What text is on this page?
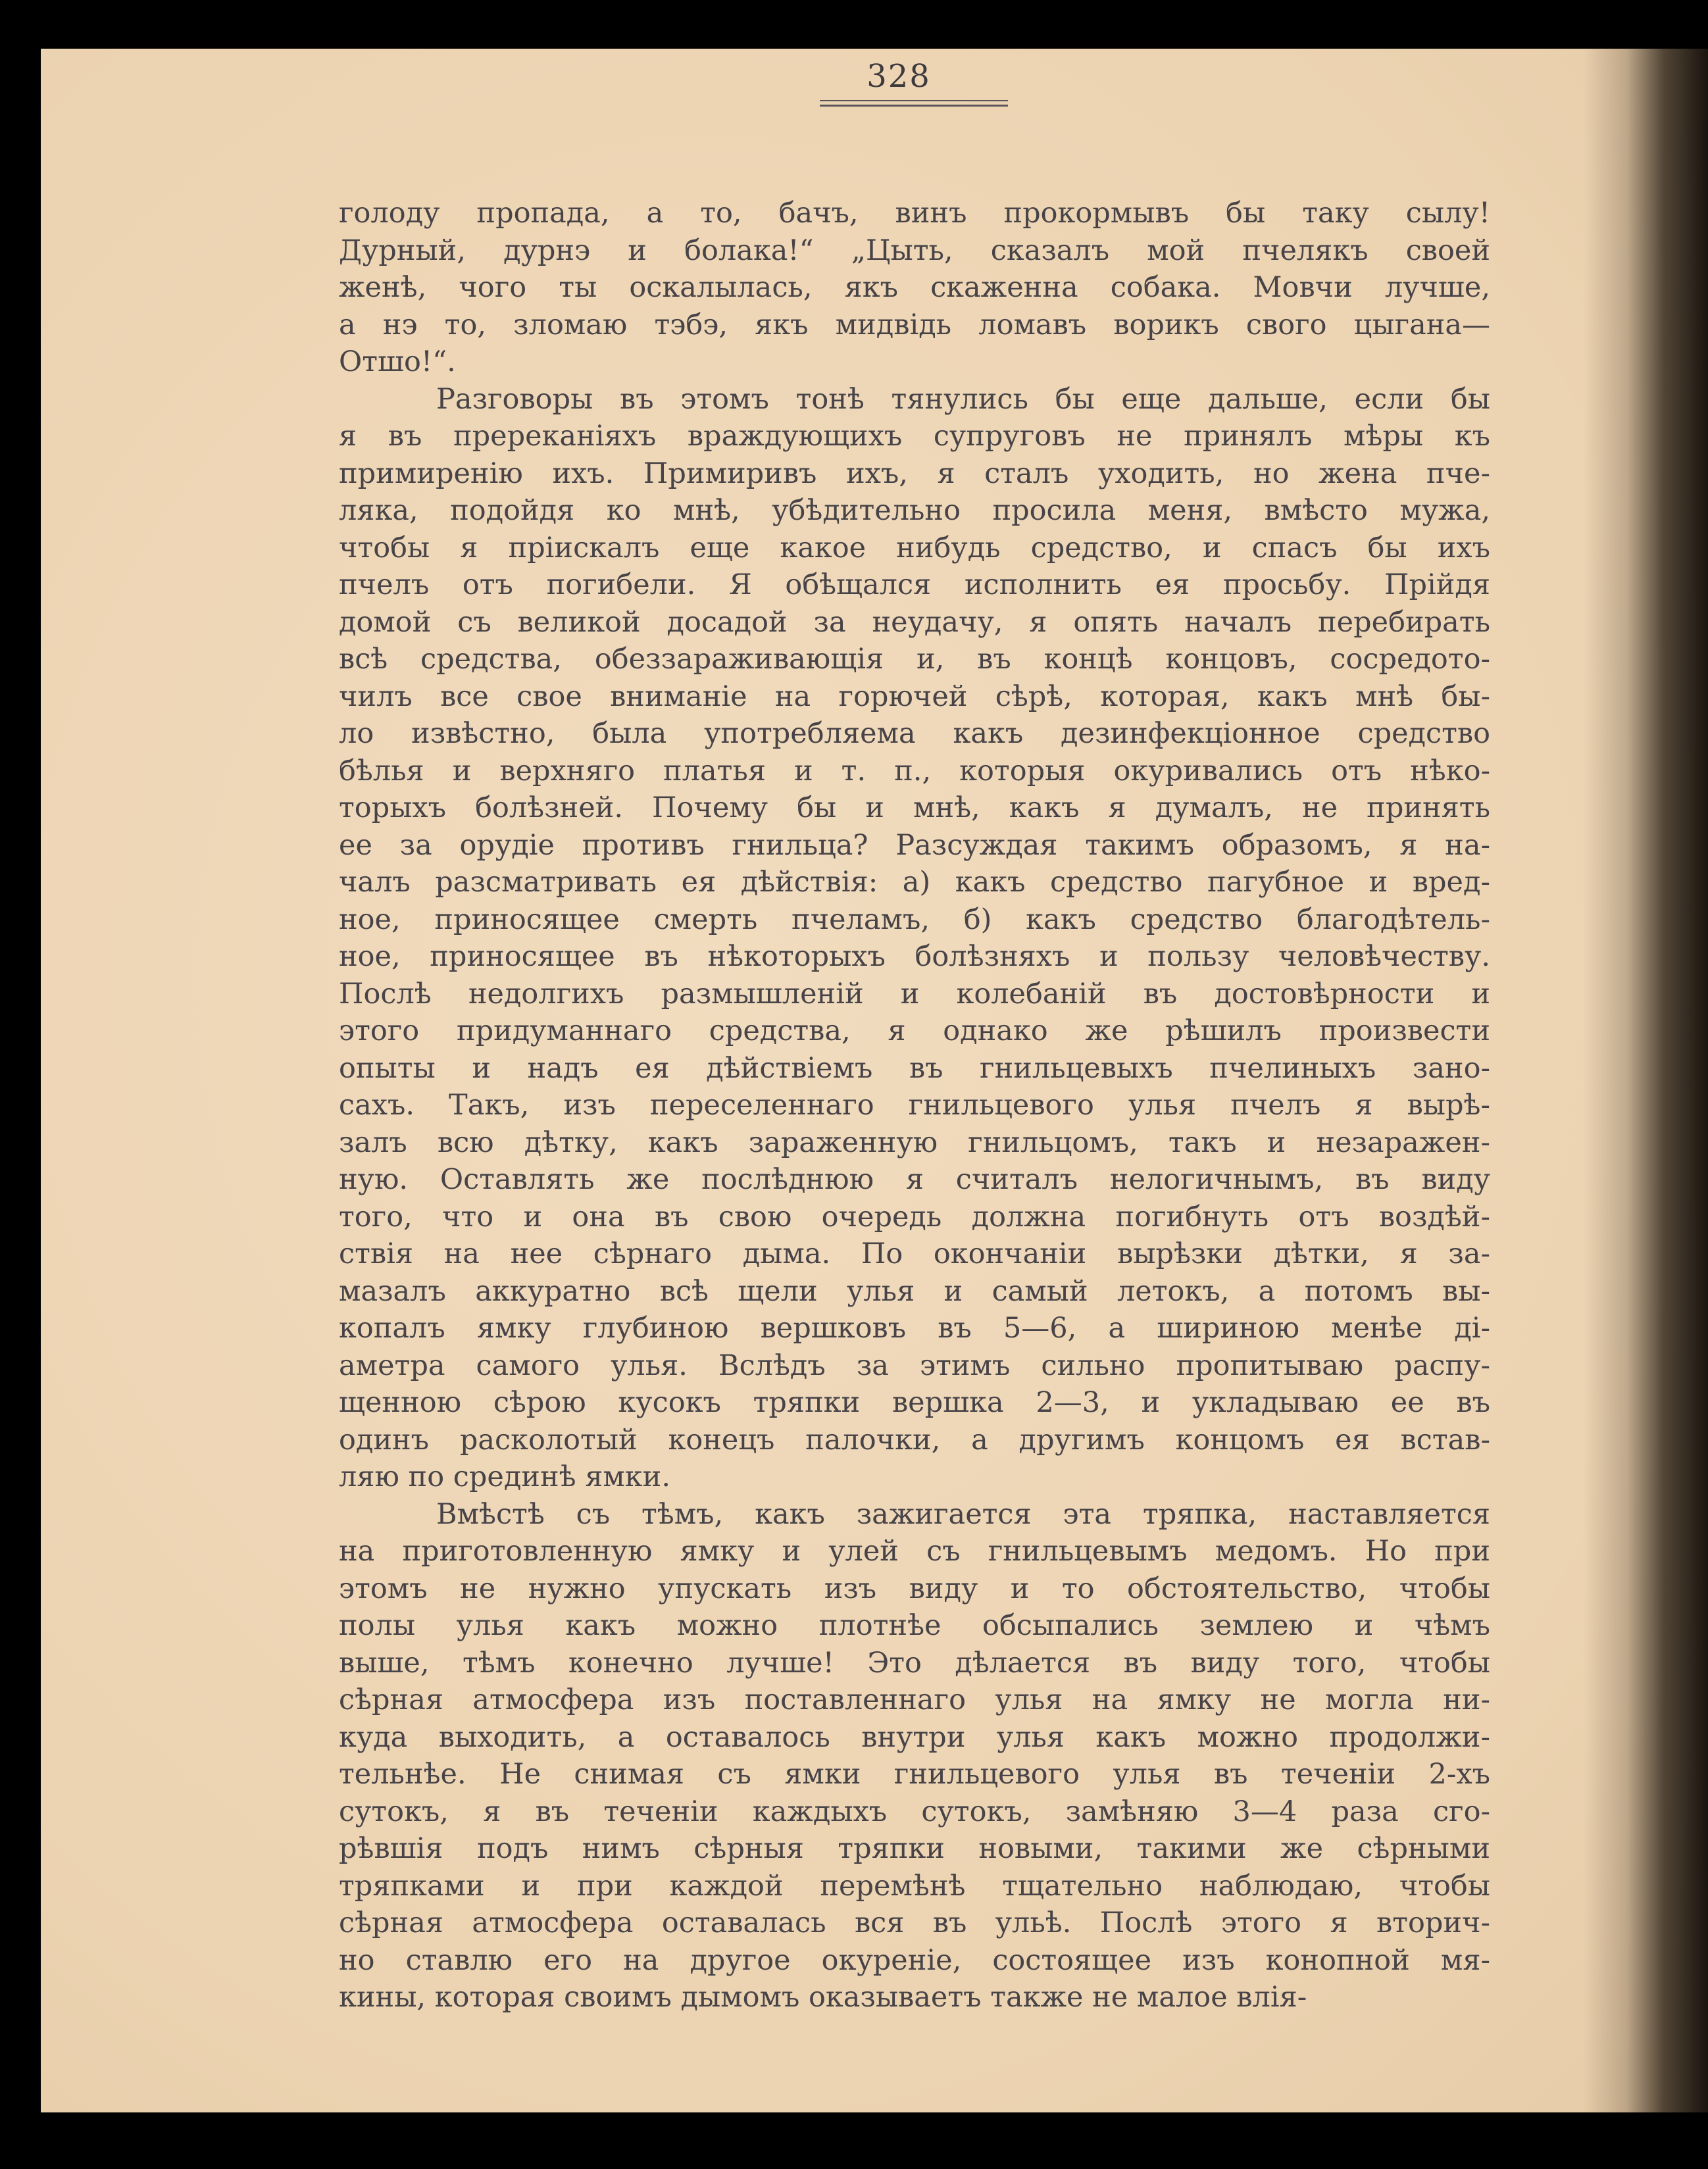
328
голоду пропада, а то, бачъ, винъ прокормывъ бы таку сылу!
Дурный, дурнэ и болака!“ „Цыть, сказалъ мой пчелякъ своей
женѣ, чого ты оскалылась, якъ скаженна собака. Мовчи лучше,
а нэ то, зломаю тэбэ, якъ мидвідь ломавъ ворикъ свого цыгана—
Отшо!“.
Разговоры въ этомъ тонѣ тянулись бы еще дальше, если бы
я въ пререканіяхъ враждующихъ супруговъ не принялъ мѣры къ
примиренію ихъ. Примиривъ ихъ, я сталъ уходить, но жена пче-
ляка, подойдя ко мнѣ, убѣдительно просила меня, вмѣсто мужа,
чтобы я пріискалъ еще какое нибудь средство, и спасъ бы ихъ
пчелъ отъ погибели. Я обѣщался исполнить ея просьбу. Прійдя
домой съ великой досадой за неудачу, я опять началъ перебирать
всѣ средства, обеззараживающія и, въ концѣ концовъ, сосредото-
чилъ все свое вниманіе на горючей сѣрѣ, которая, какъ мнѣ бы-
ло извѣстно, была употребляема какъ дезинфекціонное средство
бѣлья и верхняго платья и т. п., которыя окуривались отъ нѣко-
торыхъ болѣзней. Почему бы и мнѣ, какъ я думалъ, не принять
ее за орудіе противъ гнильца? Разсуждая такимъ образомъ, я на-
чалъ разсматривать ея дѣйствія: а) какъ средство пагубное и вред-
ное, приносящее смерть пчеламъ, б) какъ средство благодѣтель-
ное, приносящее въ нѣкоторыхъ болѣзняхъ и пользу человѣчеству.
Послѣ недолгихъ размышленій и колебаній въ достовѣрности и
этого придуманнаго средства, я однако же рѣшилъ произвести
опыты и надъ ея дѣйствіемъ въ гнильцевыхъ пчелиныхъ зано-
сахъ. Такъ, изъ переселеннаго гнильцевого улья пчелъ я вырѣ-
залъ всю дѣтку, какъ зараженную гнильцомъ, такъ и незаражен-
ную. Оставлять же послѣднюю я считалъ нелогичнымъ, въ виду
того, что и она въ свою очередь должна погибнуть отъ воздѣй-
ствія на нее сѣрнаго дыма. По окончаніи вырѣзки дѣтки, я за-
мазалъ аккуратно всѣ щели улья и самый летокъ, а потомъ вы-
копалъ ямку глубиною вершковъ въ 5—6, а шириною менѣе ді-
аметра самого улья. Вслѣдъ за этимъ сильно пропитываю распу-
щенною сѣрою кусокъ тряпки вершка 2—3, и укладываю ее въ
одинъ расколотый конецъ палочки, а другимъ концомъ ея встав-
ляю по срединѣ ямки.
Вмѣстѣ съ тѣмъ, какъ зажигается эта тряпка, наставляется
на приготовленную ямку и улей съ гнильцевымъ медомъ. Но при
этомъ не нужно упускать изъ виду и то обстоятельство, чтобы
полы улья какъ можно плотнѣе обсыпались землею и чѣмъ
выше, тѣмъ конечно лучше! Это дѣлается въ виду того, чтобы
сѣрная атмосфера изъ поставленнаго улья на ямку не могла ни-
куда выходить, а оставалось внутри улья какъ можно продолжи-
тельнѣе. Не снимая съ ямки гнильцевого улья въ теченіи 2-хъ
сутокъ, я въ теченіи каждыхъ сутокъ, замѣняю 3—4 раза сго-
рѣвшія подъ нимъ сѣрныя тряпки новыми, такими же сѣрными
тряпками и при каждой перемѣнѣ тщательно наблюдаю, чтобы
сѣрная атмосфера оставалась вся въ ульѣ. Послѣ этого я вторич-
но ставлю его на другое окуреніе, состоящее изъ конопной мя-
кины, которая своимъ дымомъ оказываетъ также не малое влія-
